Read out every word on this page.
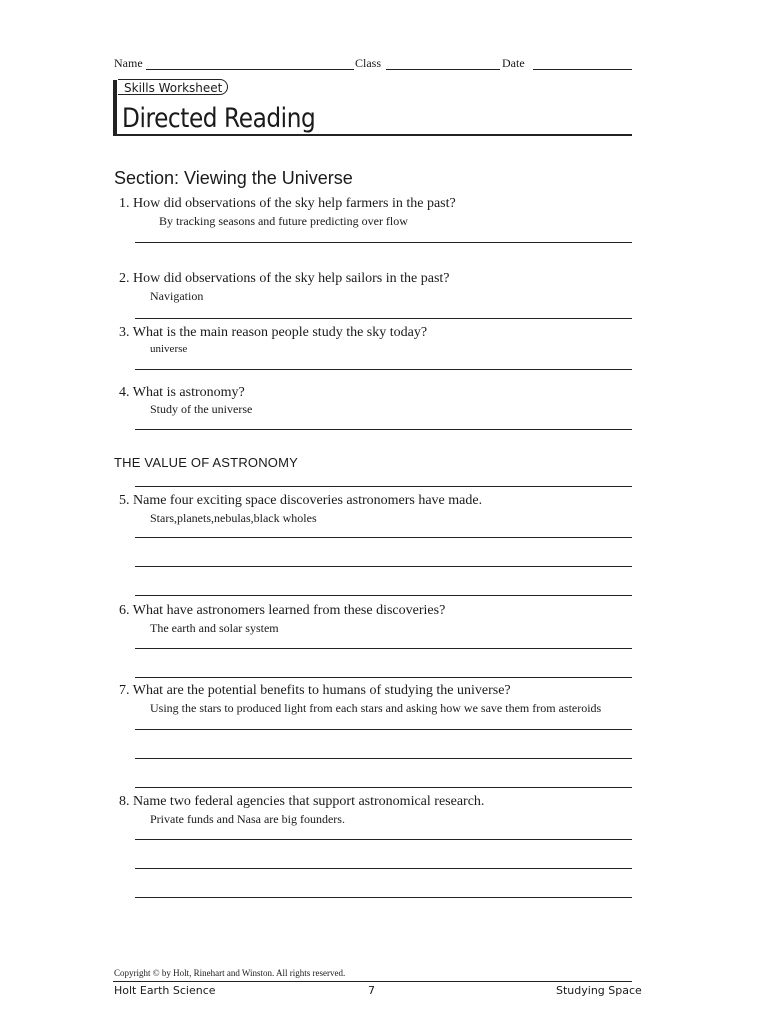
Name	Class	Date
Skills Worksheet
Directed Reading
Section: Viewing the Universe
1. How did observations of the sky help farmers in the past?
By tracking seasons and future predicting over flow
2. How did observations of the sky help sailors in the past?
Navigation
3. What is the main reason people study the sky today?
universe
4. What is astronomy?
Study of the universe
THE VALUE OF ASTRONOMY
5. Name four exciting space discoveries astronomers have made.
Stars,planets,nebulas,black wholes
6. What have astronomers learned from these discoveries?
The earth and solar system
7. What are the potential benefits to humans of studying the universe?
Using the stars to produced light from each stars and asking how we save them from asteroids
8. Name two federal agencies that support astronomical research.
Private funds and Nasa are big founders.
Copyright © by Holt, Rinehart and Winston. All rights reserved.
Holt Earth Science	7	Studying Space
